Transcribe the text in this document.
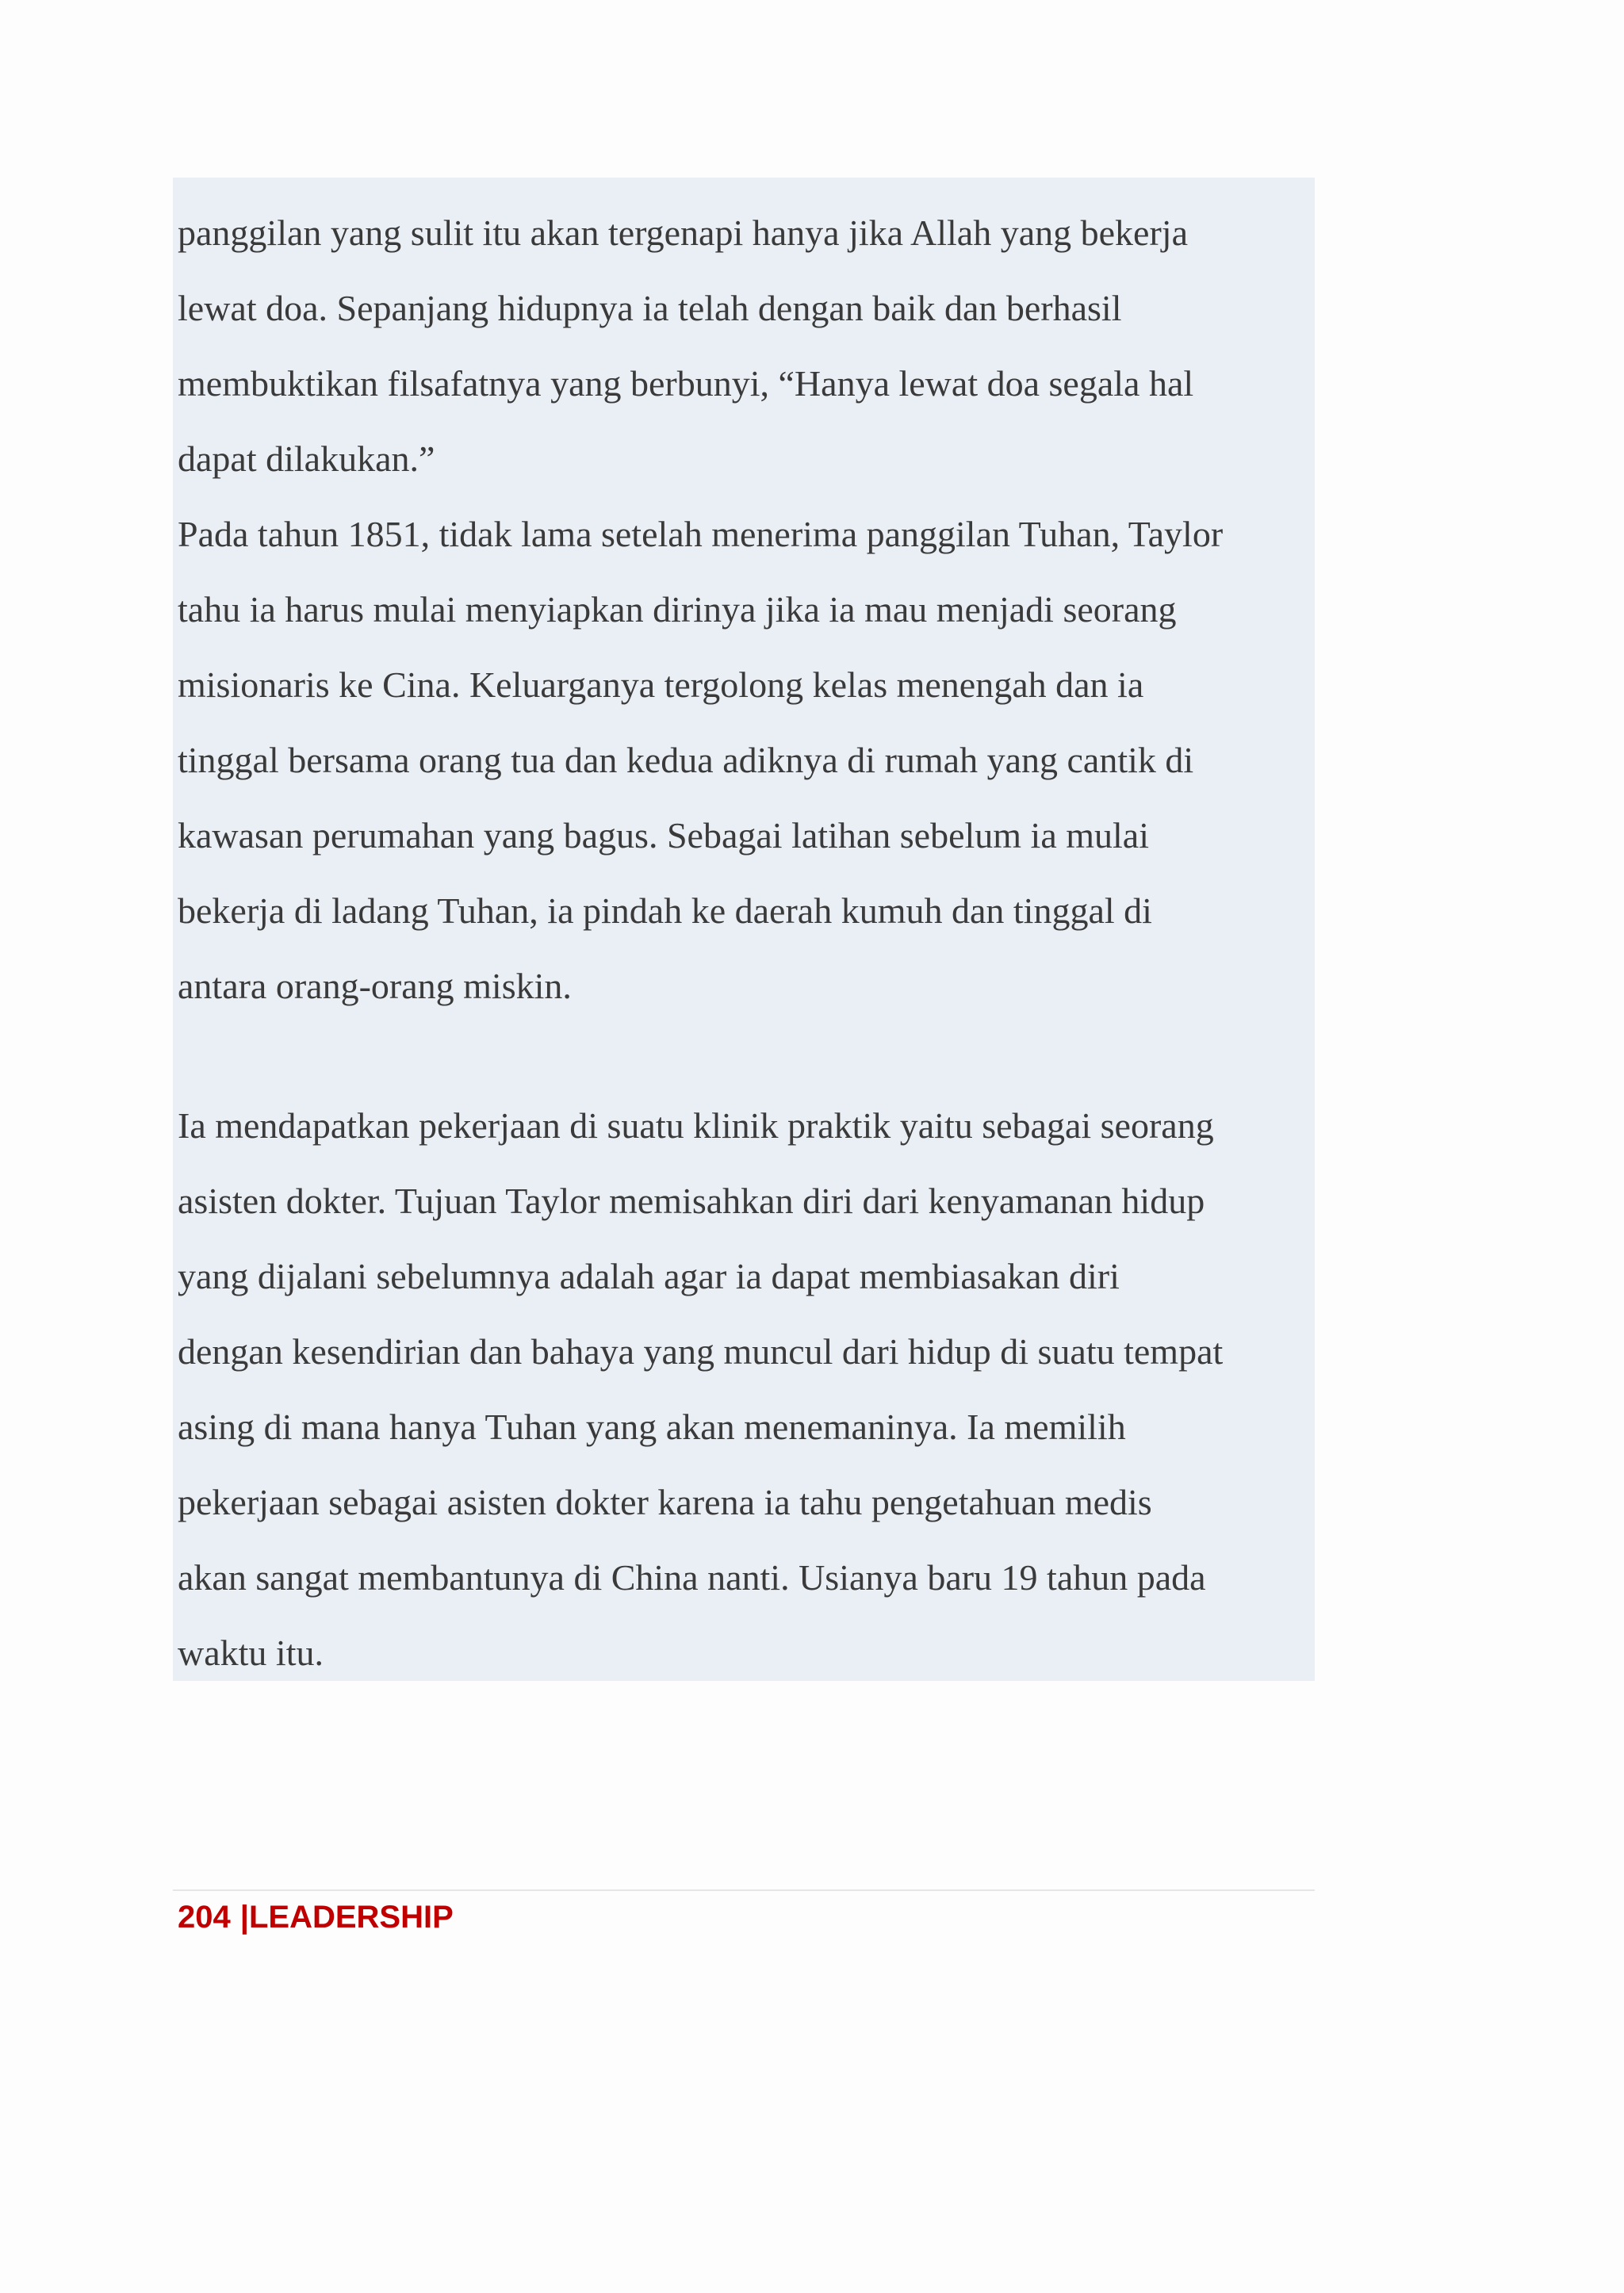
panggilan yang sulit itu akan tergenapi hanya jika Allah yang bekerja
lewat doa. Sepanjang hidupnya ia telah dengan baik dan berhasil
membuktikan filsafatnya yang berbunyi, “Hanya lewat doa segala hal
dapat dilakukan.”
Pada tahun 1851, tidak lama setelah menerima panggilan Tuhan, Taylor
tahu ia harus mulai menyiapkan dirinya jika ia mau menjadi seorang
misionaris ke Cina. Keluarganya tergolong kelas menengah dan ia
tinggal bersama orang tua dan kedua adiknya di rumah yang cantik di
kawasan perumahan yang bagus. Sebagai latihan sebelum ia mulai
bekerja di ladang Tuhan, ia pindah ke daerah kumuh dan tinggal di
antara orang-orang miskin.
Ia mendapatkan pekerjaan di suatu klinik praktik yaitu sebagai seorang
asisten dokter. Tujuan Taylor memisahkan diri dari kenyamanan hidup
yang dijalani sebelumnya adalah agar ia dapat membiasakan diri
dengan kesendirian dan bahaya yang muncul dari hidup di suatu tempat
asing di mana hanya Tuhan yang akan menemaninya. Ia memilih
pekerjaan sebagai asisten dokter karena ia tahu pengetahuan medis
akan sangat membantunya di China nanti. Usianya baru 19 tahun pada
waktu itu.
204 |LEADERSHIP
